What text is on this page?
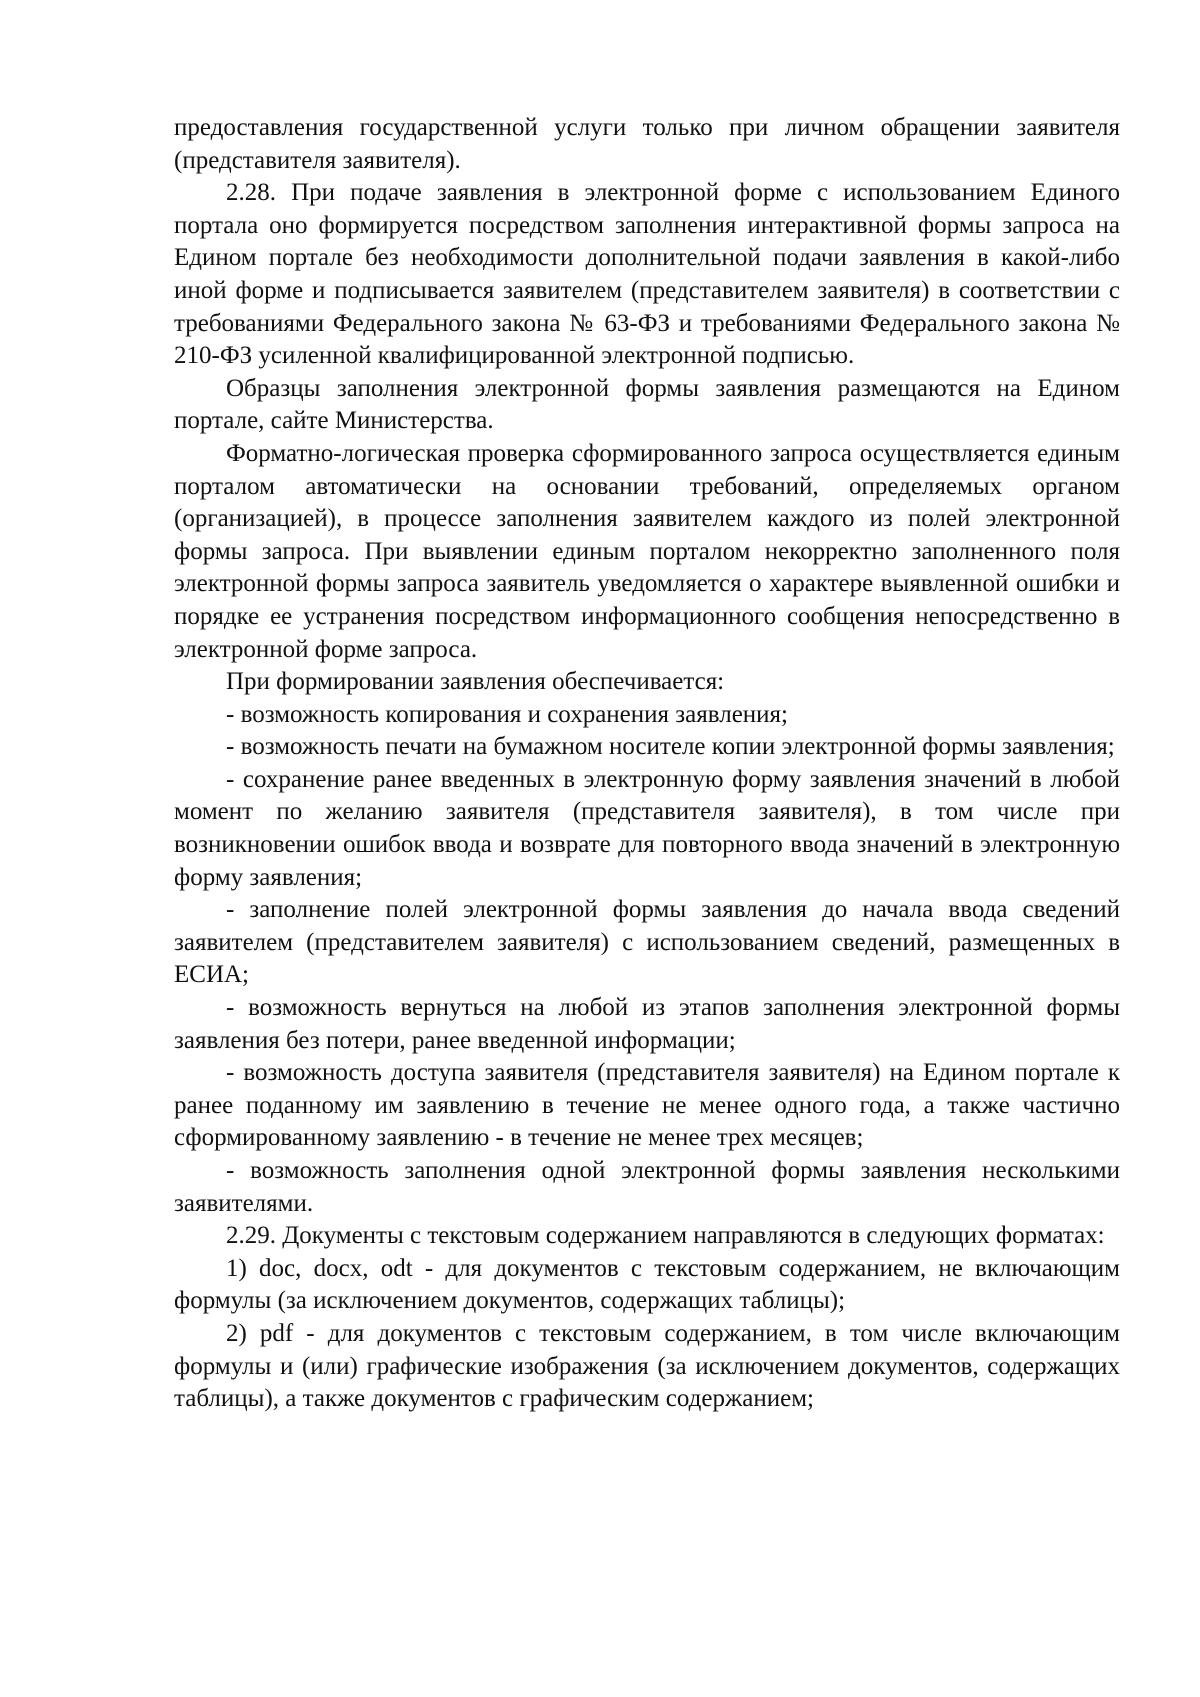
предоставления государственной услуги только при личном обращении заявителя (представителя заявителя).

2.28. При подаче заявления в электронной форме с использованием Единого портала оно формируется посредством заполнения интерактивной формы запроса на Едином портале без необходимости дополнительной подачи заявления в какой-либо иной форме и подписывается заявителем (представителем заявителя) в соответствии с требованиями Федерального закона № 63-ФЗ и требованиями Федерального закона № 210-ФЗ усиленной квалифицированной электронной подписью.

Образцы заполнения электронной формы заявления размещаются на Едином портале, сайте Министерства.

Форматно-логическая проверка сформированного запроса осуществляется единым порталом автоматически на основании требований, определяемых органом (организацией), в процессе заполнения заявителем каждого из полей электронной формы запроса. При выявлении единым порталом некорректно заполненного поля электронной формы запроса заявитель уведомляется о характере выявленной ошибки и порядке ее устранения посредством информационного сообщения непосредственно в электронной форме запроса.

При формировании заявления обеспечивается:

- возможность копирования и сохранения заявления;

- возможность печати на бумажном носителе копии электронной формы заявления;

- сохранение ранее введенных в электронную форму заявления значений в любой момент по желанию заявителя (представителя заявителя), в том числе при возникновении ошибок ввода и возврате для повторного ввода значений в электронную форму заявления;

- заполнение полей электронной формы заявления до начала ввода сведений заявителем (представителем заявителя) с использованием сведений, размещенных в ЕСИА;

- возможность вернуться на любой из этапов заполнения электронной формы заявления без потери, ранее введенной информации;

- возможность доступа заявителя (представителя заявителя) на Едином портале к ранее поданному им заявлению в течение не менее одного года, а также частично сформированному заявлению - в течение не менее трех месяцев;

- возможность заполнения одной электронной формы заявления несколькими заявителями.

2.29. Документы с текстовым содержанием направляются в следующих форматах:

1) doc, docx, odt - для документов с текстовым содержанием, не включающим формулы (за исключением документов, содержащих таблицы);

2) pdf - для документов с текстовым содержанием, в том числе включающим формулы и (или) графические изображения (за исключением документов, содержащих таблицы), а также документов с графическим содержанием;
